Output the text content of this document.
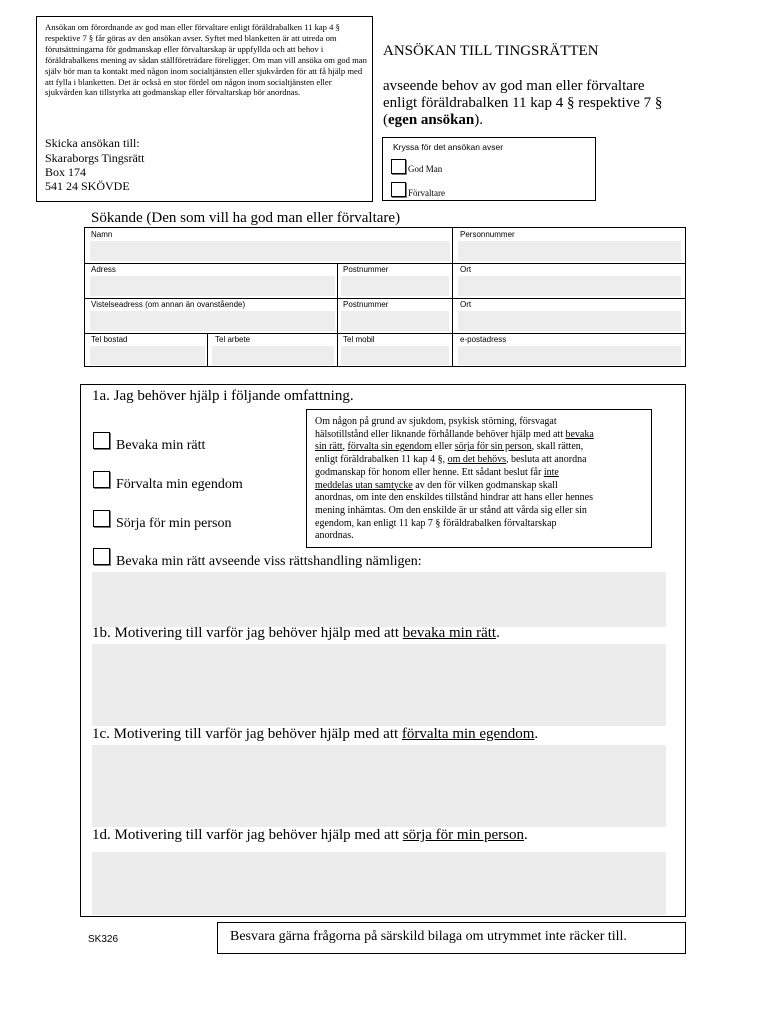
Ansökan om förordnande av god man eller förvaltare enligt föräldrabalken 11 kap 4 § respektive 7 § får göras av den ansökan avser. Syftet med blanketten är att utreda om förutsättningarna för godmanskap eller förvaltarskap är uppfyllda och att behov i föräldrabalkens mening av sådan ställföreträdare föreligger. Om man vill ansöka om god man själv bör man ta kontakt med någon inom socialtjänsten eller sjukvården för att få hjälp med att fylla i blanketten. Det är också en stor fördel om någon inom socialtjänsten eller sjukvården kan tillstyrka att godmanskap eller förvaltarskap bör anordnas.
Skicka ansökan till:
Skaraborgs Tingsrätt
Box 174
541 24 SKÖVDE
ANSÖKAN TILL TINGSRÄTTEN
avseende behov av god man eller förvaltare
enligt föräldrabalken 11 kap 4 § respektive 7 §
(egen ansökan).
Kryssa för det ansökan avser
God Man
Förvaltare
Sökande (Den som vill ha god man eller förvaltare)
Namn	Personnummer
Adress	Postnummer	Ort
Vistelseadress (om annan än ovanstående)	Postnummer	Ort
Tel bostad	Tel arbete	Tel mobil	e-postadress
1a. Jag behöver hjälp i följande omfattning.
Bevaka min rätt
Förvalta min egendom
Sörja för min person
Bevaka min rätt avseende viss rättshandling nämligen:
Om någon på grund av sjukdom, psykisk störning, försvagat
hälsotillstånd eller liknande förhållande behöver hjälp med att bevaka
sin rätt, förvalta sin egendom eller sörja för sin person, skall rätten,
enligt föräldrabalken 11 kap 4 §, om det behövs, besluta att anordna
godmanskap för honom eller henne. Ett sådant beslut får inte
meddelas utan samtycke av den för vilken godmanskap skall
anordnas, om inte den enskildes tillstånd hindrar att hans eller hennes
mening inhämtas. Om den enskilde är ur stånd att vårda sig eller sin
egendom, kan enligt 11 kap 7 § föräldrabalken förvaltarskap
anordnas.
1b. Motivering till varför jag behöver hjälp med att bevaka min rätt.
1c. Motivering till varför jag behöver hjälp med att förvalta min egendom.
1d. Motivering till varför jag behöver hjälp med att sörja för min person.
SK326	Besvara gärna frågorna på särskild bilaga om utrymmet inte räcker till.
